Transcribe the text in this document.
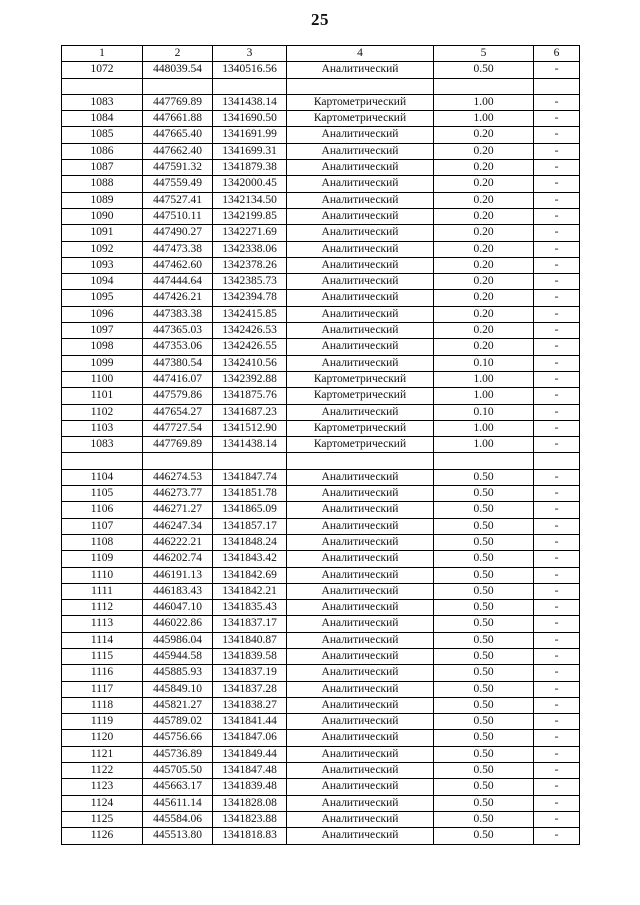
25
1	2	3	4	5	6
1072	448039.54	1340516.56	Аналитический	0.50	-

1083	447769.89	1341438.14	Картометрический	1.00	-
1084	447661.88	1341690.50	Картометрический	1.00	-
1085	447665.40	1341691.99	Аналитический	0.20	-
1086	447662.40	1341699.31	Аналитический	0.20	-
1087	447591.32	1341879.38	Аналитический	0.20	-
1088	447559.49	1342000.45	Аналитический	0.20	-
1089	447527.41	1342134.50	Аналитический	0.20	-
1090	447510.11	1342199.85	Аналитический	0.20	-
1091	447490.27	1342271.69	Аналитический	0.20	-
1092	447473.38	1342338.06	Аналитический	0.20	-
1093	447462.60	1342378.26	Аналитический	0.20	-
1094	447444.64	1342385.73	Аналитический	0.20	-
1095	447426.21	1342394.78	Аналитический	0.20	-
1096	447383.38	1342415.85	Аналитический	0.20	-
1097	447365.03	1342426.53	Аналитический	0.20	-
1098	447353.06	1342426.55	Аналитический	0.20	-
1099	447380.54	1342410.56	Аналитический	0.10	-
1100	447416.07	1342392.88	Картометрический	1.00	-
1101	447579.86	1341875.76	Картометрический	1.00	-
1102	447654.27	1341687.23	Аналитический	0.10	-
1103	447727.54	1341512.90	Картометрический	1.00	-
1083	447769.89	1341438.14	Картометрический	1.00	-

1104	446274.53	1341847.74	Аналитический	0.50	-
1105	446273.77	1341851.78	Аналитический	0.50	-
1106	446271.27	1341865.09	Аналитический	0.50	-
1107	446247.34	1341857.17	Аналитический	0.50	-
1108	446222.21	1341848.24	Аналитический	0.50	-
1109	446202.74	1341843.42	Аналитический	0.50	-
1110	446191.13	1341842.69	Аналитический	0.50	-
1111	446183.43	1341842.21	Аналитический	0.50	-
1112	446047.10	1341835.43	Аналитический	0.50	-
1113	446022.86	1341837.17	Аналитический	0.50	-
1114	445986.04	1341840.87	Аналитический	0.50	-
1115	445944.58	1341839.58	Аналитический	0.50	-
1116	445885.93	1341837.19	Аналитический	0.50	-
1117	445849.10	1341837.28	Аналитический	0.50	-
1118	445821.27	1341838.27	Аналитический	0.50	-
1119	445789.02	1341841.44	Аналитический	0.50	-
1120	445756.66	1341847.06	Аналитический	0.50	-
1121	445736.89	1341849.44	Аналитический	0.50	-
1122	445705.50	1341847.48	Аналитический	0.50	-
1123	445663.17	1341839.48	Аналитический	0.50	-
1124	445611.14	1341828.08	Аналитический	0.50	-
1125	445584.06	1341823.88	Аналитический	0.50	-
1126	445513.80	1341818.83	Аналитический	0.50	-
